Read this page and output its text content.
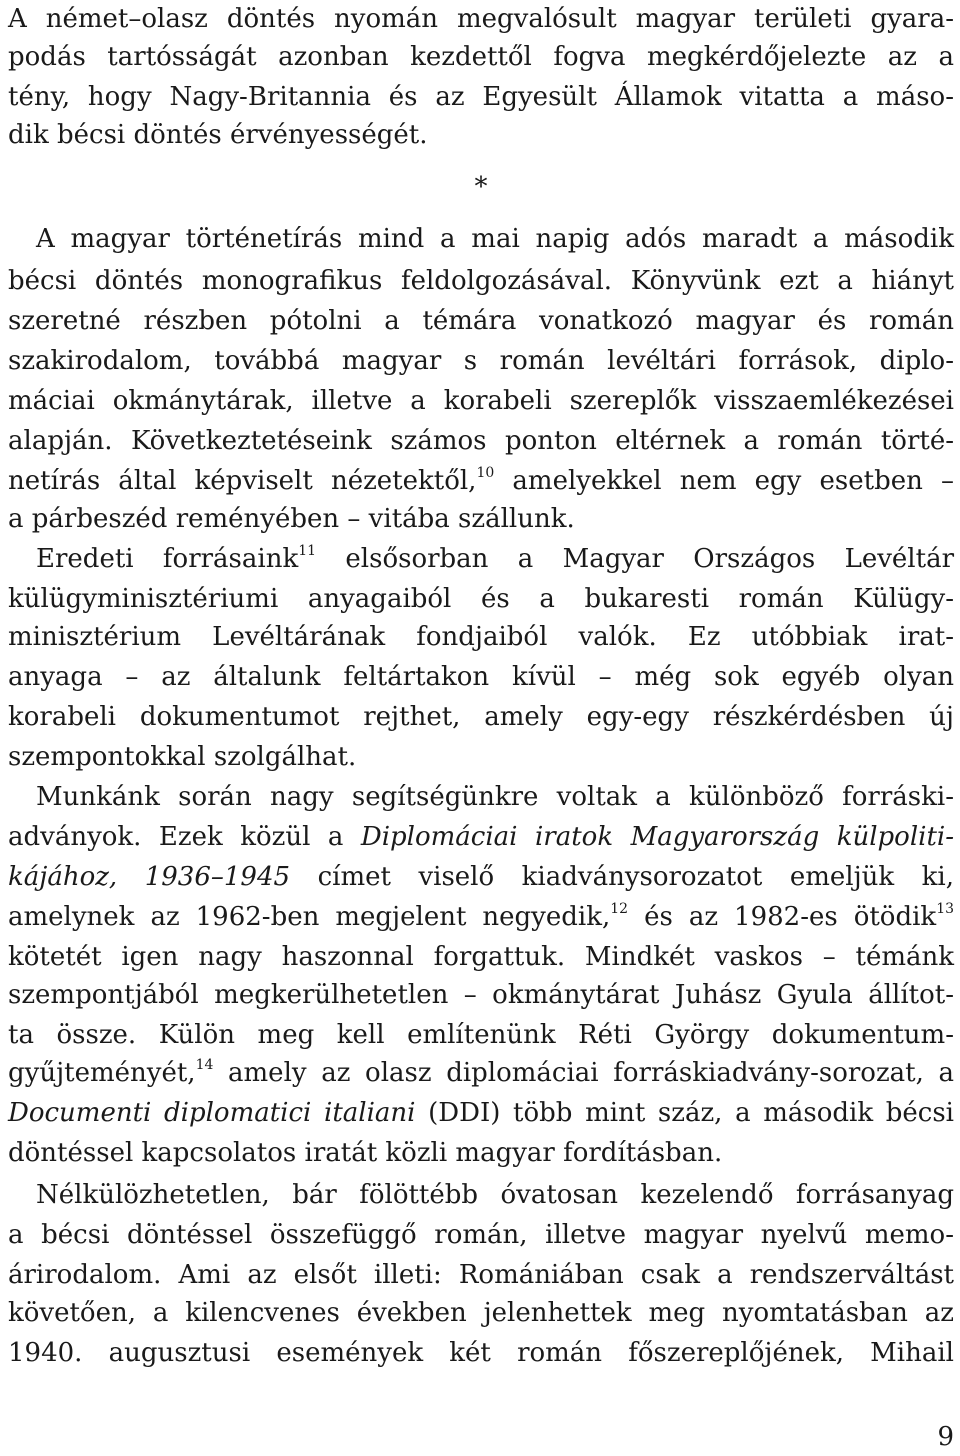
A német–olasz döntés nyomán megvalósult magyar területi gyara-
podás tartósságát azonban kezdettől fogva megkérdőjelezte az a
tény, hogy Nagy-Britannia és az Egyesült Államok vitatta a máso-
dik bécsi döntés érvényességét.
*
A magyar történetírás mind a mai napig adós maradt a második
bécsi döntés monografikus feldolgozásával. Könyvünk ezt a hiányt
szeretné részben pótolni a témára vonatkozó magyar és román
szakirodalom, továbbá magyar s román levéltári források, diplo-
máciai okmánytárak, illetve a korabeli szereplők visszaemlékezései
alapján. Következtetéseink számos ponton eltérnek a román törté-
netírás által képviselt nézetektől,$^{10}$ amelyekkel nem egy esetben –
a párbeszéd reményében – vitába szállunk.
Eredeti forrásaink$^{11}$ elsősorban a Magyar Országos Levéltár
külügyminisztériumi anyagaiból és a bukaresti román Külügy-
minisztérium Levéltárának fondjaiból valók. Ez utóbbiak irat-
anyaga – az általunk feltártakon kívül – még sok egyéb olyan
korabeli dokumentumot rejthet, amely egy-egy részkérdésben új
szempontokkal szolgálhat.
Munkánk során nagy segítségünkre voltak a különböző forráski-
adványok. Ezek közül a Diplomáciai iratok Magyarország külpoliti-
kájához, 1936–1945 címet viselő kiadványsorozatot emeljük ki,
amelynek az 1962-ben megjelent negyedik,$^{12}$ és az 1982-es ötödik$^{13}$
kötetét igen nagy haszonnal forgattuk. Mindkét vaskos – témánk
szempontjából megkerülhetetlen – okmánytárat Juhász Gyula állítot-
ta össze. Külön meg kell említenünk Réti György dokumentum-
gyűjteményét,$^{14}$ amely az olasz diplomáciai forráskiadvány-sorozat, a
Documenti diplomatici italiani (DDI) több mint száz, a második bécsi
döntéssel kapcsolatos iratát közli magyar fordításban.
Nélkülözhetetlen, bár fölöttébb óvatosan kezelendő forrásanyag
a bécsi döntéssel összefüggő román, illetve magyar nyelvű memo-
árirodalom. Ami az elsőt illeti: Romániában csak a rendszerváltást
követően, a kilencvenes években jelenhettek meg nyomtatásban az
1940. augusztusi események két román főszereplőjének, Mihail
9
